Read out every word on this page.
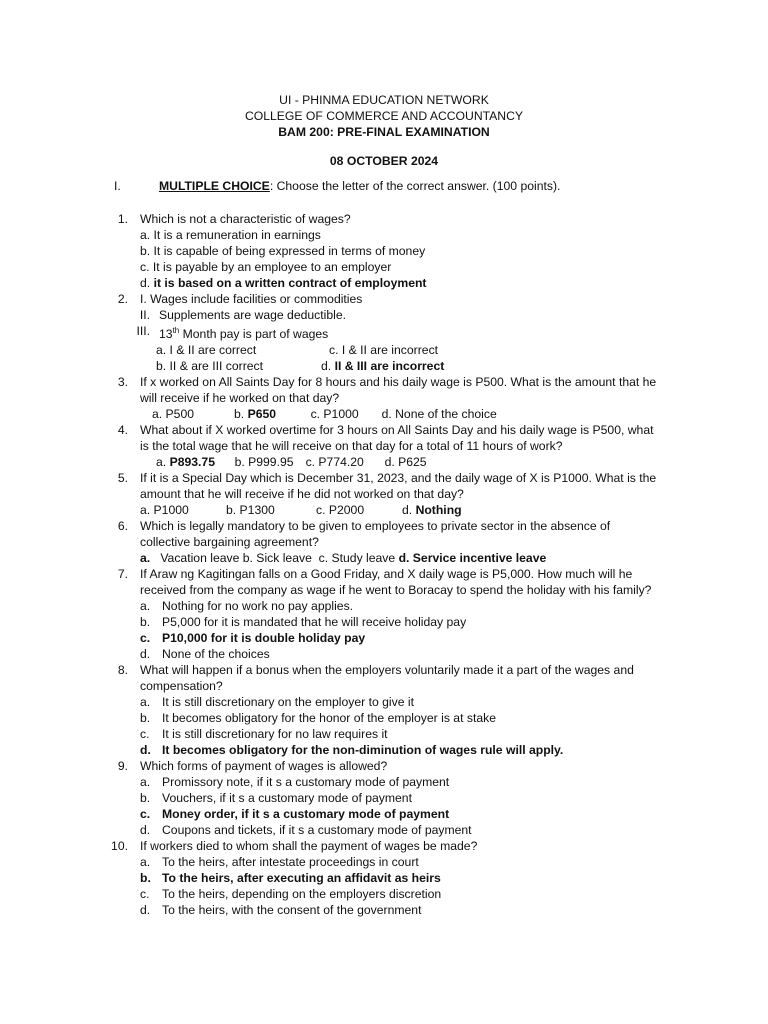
UI - PHINMA EDUCATION NETWORK
COLLEGE OF COMMERCE AND ACCOUNTANCY
BAM 200: PRE-FINAL EXAMINATION
08 OCTOBER 2024
I.	MULTIPLE CHOICE: Choose the letter of the correct answer. (100 points).
1. Which is not a characteristic of wages?
a. It is a remuneration in earnings
b. It is capable of being expressed in terms of money
c. It is payable by an employee to an employer
d. it is based on a written contract of employment
2. I. Wages include facilities or commodities
II. Supplements are wage deductible.
III. 13th Month pay is part of wages
a. I & II are correct	c. I & II are incorrect
b. II & are III correct	d. II & III are incorrect
3. If x worked on All Saints Day for 8 hours and his daily wage is P500. What is the amount that he
will receive if he worked on that day?
a. P500	b. P650	c. P1000 d. None of the choice
4. What about if X worked overtime for 3 hours on All Saints Day and his daily wage is P500, what
is the total wage that he will receive on that day for a total of 11 hours of work?
a. P893.75 b. P999.95 c. P774.20 d. P625
5. If it is a Special Day which is December 31, 2023, and the daily wage of X is P1000. What is the
amount that he will receive if he did not worked on that day?
a. P1000	b. P1300	c. P2000	d. Nothing
6. Which is legally mandatory to be given to employees to private sector in the absence of
collective bargaining agreement?
a.   Vacation leave b. Sick leave  c. Study leave d. Service incentive leave
7. If Araw ng Kagitingan falls on a Good Friday, and X daily wage is P5,000. How much will he
received from the company as wage if he went to Boracay to spend the holiday with his family?
a. Nothing for no work no pay applies.
b. P5,000 for it is mandated that he will receive holiday pay
c. P10,000 for it is double holiday pay
d. None of the choices
8. What will happen if a bonus when the employers voluntarily made it a part of the wages and
compensation?
a. It is still discretionary on the employer to give it
b. It becomes obligatory for the honor of the employer is at stake
c. It is still discretionary for no law requires it
d. It becomes obligatory for the non-diminution of wages rule will apply.
9. Which forms of payment of wages is allowed?
a. Promissory note, if it s a customary mode of payment
b. Vouchers, if it s a customary mode of payment
c. Money order, if it s a customary mode of payment
d. Coupons and tickets, if it s a customary mode of payment
10. If workers died to whom shall the payment of wages be made?
a. To the heirs, after intestate proceedings in court
b. To the heirs, after executing an affidavit as heirs
c. To the heirs, depending on the employers discretion
d. To the heirs, with the consent of the government
